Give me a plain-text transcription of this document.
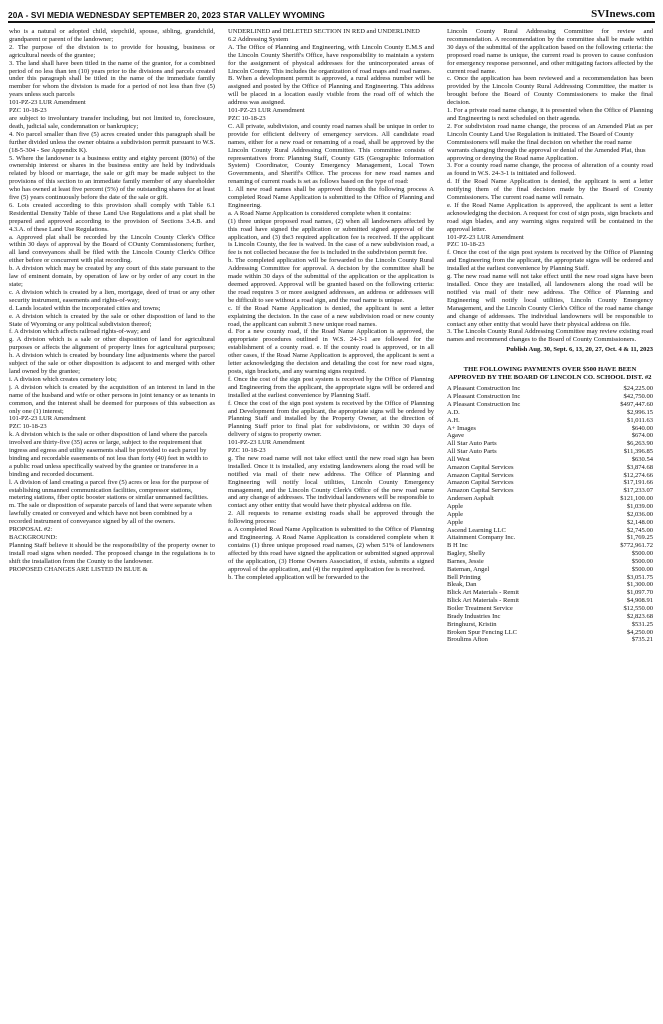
20A - SVI MEDIA WEDNESDAY SEPTEMBER 20, 2023 STAR VALLEY WYOMING	SVInews.com

who is a natural or adopted child, stepchild, spouse, sibling, grandchild, grandparent or parent of the landowner;

2. The purpose of the division is to provide for housing, business or agricultural needs of the grantee;

3. The land shall have been titled in the name of the grantor, for a combined period of no less than ten (10) years prior to the divisions and parcels created under this paragraph shall be titled in the name of the immediate family member for whom the division is made for a period of not less than five (5) years unless such parcels

101-PZ-23 LUR Amendment

PZC 10-18-23

are subject to involuntary transfer including, but not limited to, foreclosure, death, judicial sale, condemnation or bankruptcy;

4. No parcel smaller than five (5) acres created under this paragraph shall be further divided unless the owner obtains a subdivision permit pursuant to W.S. (18-5-304 - See Appendix K).

5. Where the landowner is a business entity and eighty percent (80%) of the ownership interest or shares in the business entity are held by individuals related by blood or marriage, the sale or gift may be made subject to the provisions of this section to an immediate family member of any shareholder who has owned at least five percent (5%) of the outstanding shares for at least five (5) years continuously before the date of the sale or gift.

6. Lots created according to this provision shall comply with Table 6.1 Residential Density Table of these Land Use Regulations and a plat shall be prepared and approved according to the provision of Sections 3.4.B. and 4.3.A. of these Land Use Regulations.

a. Approved plat shall be recorded by the Lincoln County Clerk's Office within 30 days of approval by the Board of COunty Commissioners; further, all land conveyances shall be filed with the Lincoln County Clerk's Office either before or concurrent with plat recording.

b. A division which may be created by any court of this state pursuant to the law of eminent domain, by operation of law or by order of any court in the state;

c. A division which is created by a lien, mortgage, deed of trust or any other security instrument, easements and rights-of-way;

d. Lands located within the incorporated cities and towns;

e. A division which is created by the sale or other disposition of land to the State of Wyoming or any political subdivision thereof;

f. A division which affects railroad rights-of-way; and

g. A division which is a sale or other disposition of land for agricultural purposes or affects the alignment of property lines for agricultural purposes; h. A division which is created by boundary line adjustments where the parcel subject of the sale or other disposition is adjacent to and merged with other land owned by the grantee;

i. A division which creates cemetery lots;

j. A division which is created by the acquisition of an interest in land in the name of the husband and wife or other persons in joint tenancy or as tenants in common, and the interest shall be deemed for purposes of this subsection as only one (1) interest;

101-PZ-23 LUR Amendment

PZC 10-18-23

k. A division which is the sale or other disposition of land where the parcels

involved are thirty-five (35) acres or large, subject to the requirement that

ingress and egress and utility easements shall be provided to each parcel by

binding and recordable easements of not less than forty (40) feet in width to

a public road unless specifically waived by the grantee or transferee in a

binding and recorded document.

l. A division of land creating a parcel five (5) acres or less for the purpose of

establishing unmanned communication facilities, compressor stations,

metering stations, fiber optic booster stations or similar unmanned facilities.

m. The sale or disposition of separate parcels of land that were separate when

lawfully created or conveyed and which have not been combined by a

recorded instrument of conveyance signed by all of the owners.

PROPOSAL #2:

BACKGROUND:

Planning Staff believe it should be the responsibility of the property owner to install road signs when needed. The proposed change in the regulations is to shift the installation from the County to the landowner.

PROPOSED CHANGES ARE LISTED IN BLUE &

UNDERLINED and DELETED SECTION IN RED and UNDERLINED

6.2 Addressing System

A. The Office of Planning and Engineering, with Lincoln County E.M.S and the Lincoln County Sheriff's Office, have responsibility to maintain a system for the assignment of physical addresses for the unincorporated areas of Lincoln County. This includes the organization of road maps and road names.

B. When a development permit is approved, a rural address number will be assigned and posted by the Office of Planning and Engineering. This address will be placed in a location easily visible from the road off of which the address was assigned.

101-PZ-23 LUR Amendment

PZC 10-18-23

C. All private, subdivision, and county road names shall be unique in order to provide for efficient delivery of emergency services. All candidate road names, either for a new road or renaming of a road, shall be approved by the Lincoln County Rural Addressing Committee. This committee consists of representatives from: Planning Staff, County GIS (Geographic Information System) Coordinator, County Emergency Management, Local Town Governments, and Sheriff's Office. The process for new road names and renaming of current roads is set as follows based on the type of road:

1. All new road names shall be approved through the following process A completed Road Name Application is submitted to the Office of Planning and Engineering.

a. A Road Name Application is considered complete when it contains:

(1) three unique proposed road names, (2) when all landowners affected by this road have signed the application or submitted signed approval of the application, and (3) the3 required application fee is received. If the applicant is Lincoln County, the fee is waived. In the case of a new subdivision road, a fee is not collected because the fee is included in the subdivision permit fee.

b. The completed application will be forwarded to the Lincoln County Rural Addressing Committee for approval. A decision by the committee shall be made within 30 days of the submittal of the application or the application is deemed approved. Approval will be granted based on the following criteria: the road requires 3 or more assigned addresses, an address or addresses will be difficult to see without a road sign, and the road name is unique.

c. If the Road Name Application is denied, the applicant is sent a letter explaining the decision. In the case of a new subdivision road or new county road, the applicant can submit 3 new unique road names.

d. For a new county road, if the Road Name Application is approved, the appropriate procedures outlined in W.S. 24-3-1 are followed for the establishment of a county road. e. If the county road is approved, or in all other cases, if the Road Name Application is approved, the applicant is sent a letter acknowledging the decision and detailing the cost for new road signs, posts, sign brackets, and any warning signs required.

f. Once the cost of the sign post system is received by the Office of Planning and Engineering from the applicant, the appropriate signs will be ordered and installed at the earliest convenience by Planning Staff.

f. Once the cost of the sign post system is received by the Office of Planning and Development from the applicant, the appropriate signs will be ordered by Planning Staff and installed by the Property Owner, at the direction of Planning Staff prior to final plat for subdivisions, or within 30 days of delivery of signs to property owner.

101-PZ-23 LUR Amendment

PZC 10-18-23

g. The new road name will not take effect until the new road sign has been installed. Once it is installed, any existing landowners along the road will be notified via mail of their new address. The Office of Planning and Engineering will notify local utilities, Lincoln County Emergency management, and the Lincoln County Clerk's Office of the new road name and any change of addresses. The individual landowners will be responsible to contact any other entity that would have their physical address on file.

2. All requests to rename existing roads shall be approved through the following process:

a. A completed Road Name Application is submitted to the Office of Planning and Engineering. A Road Name Application is considered complete when it contains (1) three unique proposed road names, (2) when 51% of landowners affected by this road have signed the application or submitted signed approval of the application, (3) Home Owners Association, if exists, submits a signed approval of the application, and (4) the required application fee is received.

b. The completed application will be forwarded to the

Lincoln County Rural Addressing Committee for review and recommendation. A recommendation by the committee shall be made within 30 days of the submittal of the application based on the following criteria: the proposed road name is unique, the current road is proven to cause confusion for emergency response personnel, and other mitigating factors affected by the current road name.

c. Once the application has been reviewed and a recommendation has been provided by the Lincoln County Rural Addressing Committee, the matter is brought before the Board of County Commissioners to make the final decision.

1. For a private road name change, it is presented when the Office of Planning and Engineering is next scheduled on their agenda.

2. For subdivision road name change, the process of an Amended Plat as per Lincoln County Land Use Regulation is initiated. The Board of County

Commissioners will make the final decision on whether the road name

warrants changing through the approval or denial of the Amended Plat, thus

approving or denying the Road name Application.

3. For a county road name change, the process of alteration of a county road as found in W.S. 24-3-1 is initiated and followed.

d. If the Road Name Application is denied, the applicant is sent a letter notifying them of the final decision made by the Board of County Commissioners. The current road name will remain.

e. If the Road Name Application is approved, the applicant is sent a letter acknowledging the decision. A request for cost of sign posts, sign brackets and road sign blades, and any warning signs required will be contained in the approval letter.

101-PZ-23 LUR Amendment

PZC 10-18-23

f. Once the cost of the sign post system is received by the Office of Planning and Engineering from the applicant, the appropriate signs will be ordered and installed at the earliest convenience by Planning Staff.

g. The new road name will not take effect until the new road signs have been installed. Once they are installed, all landowners along the road will be notified via mail of their new address. The Office of Planning and Engineering will notify local utilities, Lincoln County Emergency Management, and the Lincoln County Clerk's Office of the road name change and change of addresses. The individual landowners will be responsible to contact any other entity that would have their physical address on file.

3. The Lincoln County Rural Addressing Committee may review existing road names and recommend changes to the Board of County Commissioners.

Publish Aug. 30, Sept. 6, 13, 20, 27, Oct. 4 & 11, 2023

THE FOLLOWING PAYMENTS OVER $500 HAVE BEEN
APPROVED BY THE BOARD OF LINCOLN CO. SCHOOL DIST. #2
A Pleasant Construction Inc	$24,225.00
A Pleasant Construction Inc	$42,750.00
A Pleasant Construction Inc	$497,447.60
A.D.	$2,996.15
A.H.	$1,011.63
A+ Images	$640.00
Agave	$674.00
All Star Auto Parts	$6,263.90
All Star Auto Parts	$11,396.85
All West	$630.54
Amazon Capital Services	$3,874.68
Amazon Capital Services	$12,274.66
Amazon Capital Services	$17,191.66
Amazon Capital Services	$17,233.07
Andersen Asphalt	$121,100.00
Apple	$1,039.00
Apple	$2,036.00
Apple	$2,148.00
Ascend Learning LLC	$2,745.00
Attainment Company Inc.	$1,769.25
B H Inc	$772,961.72
Bagley, Shelly	$500.00
Barnes, Jessie	$500.00
Bateman, Angel	$500.00
Bell Printing	$3,051.75
Bleak, Dan	$1,300.00
Blick Art Materials - Remit	$1,097.70
Blick Art Materials - Remit	$4,908.91
Boiler Treatment Service	$12,550.00
Brady Industries Inc	$2,823.68
Bringhurst, Kristin	$531.25
Broken Spur Fencing LLC	$4,250.00
Broulims Afton	$735.21
